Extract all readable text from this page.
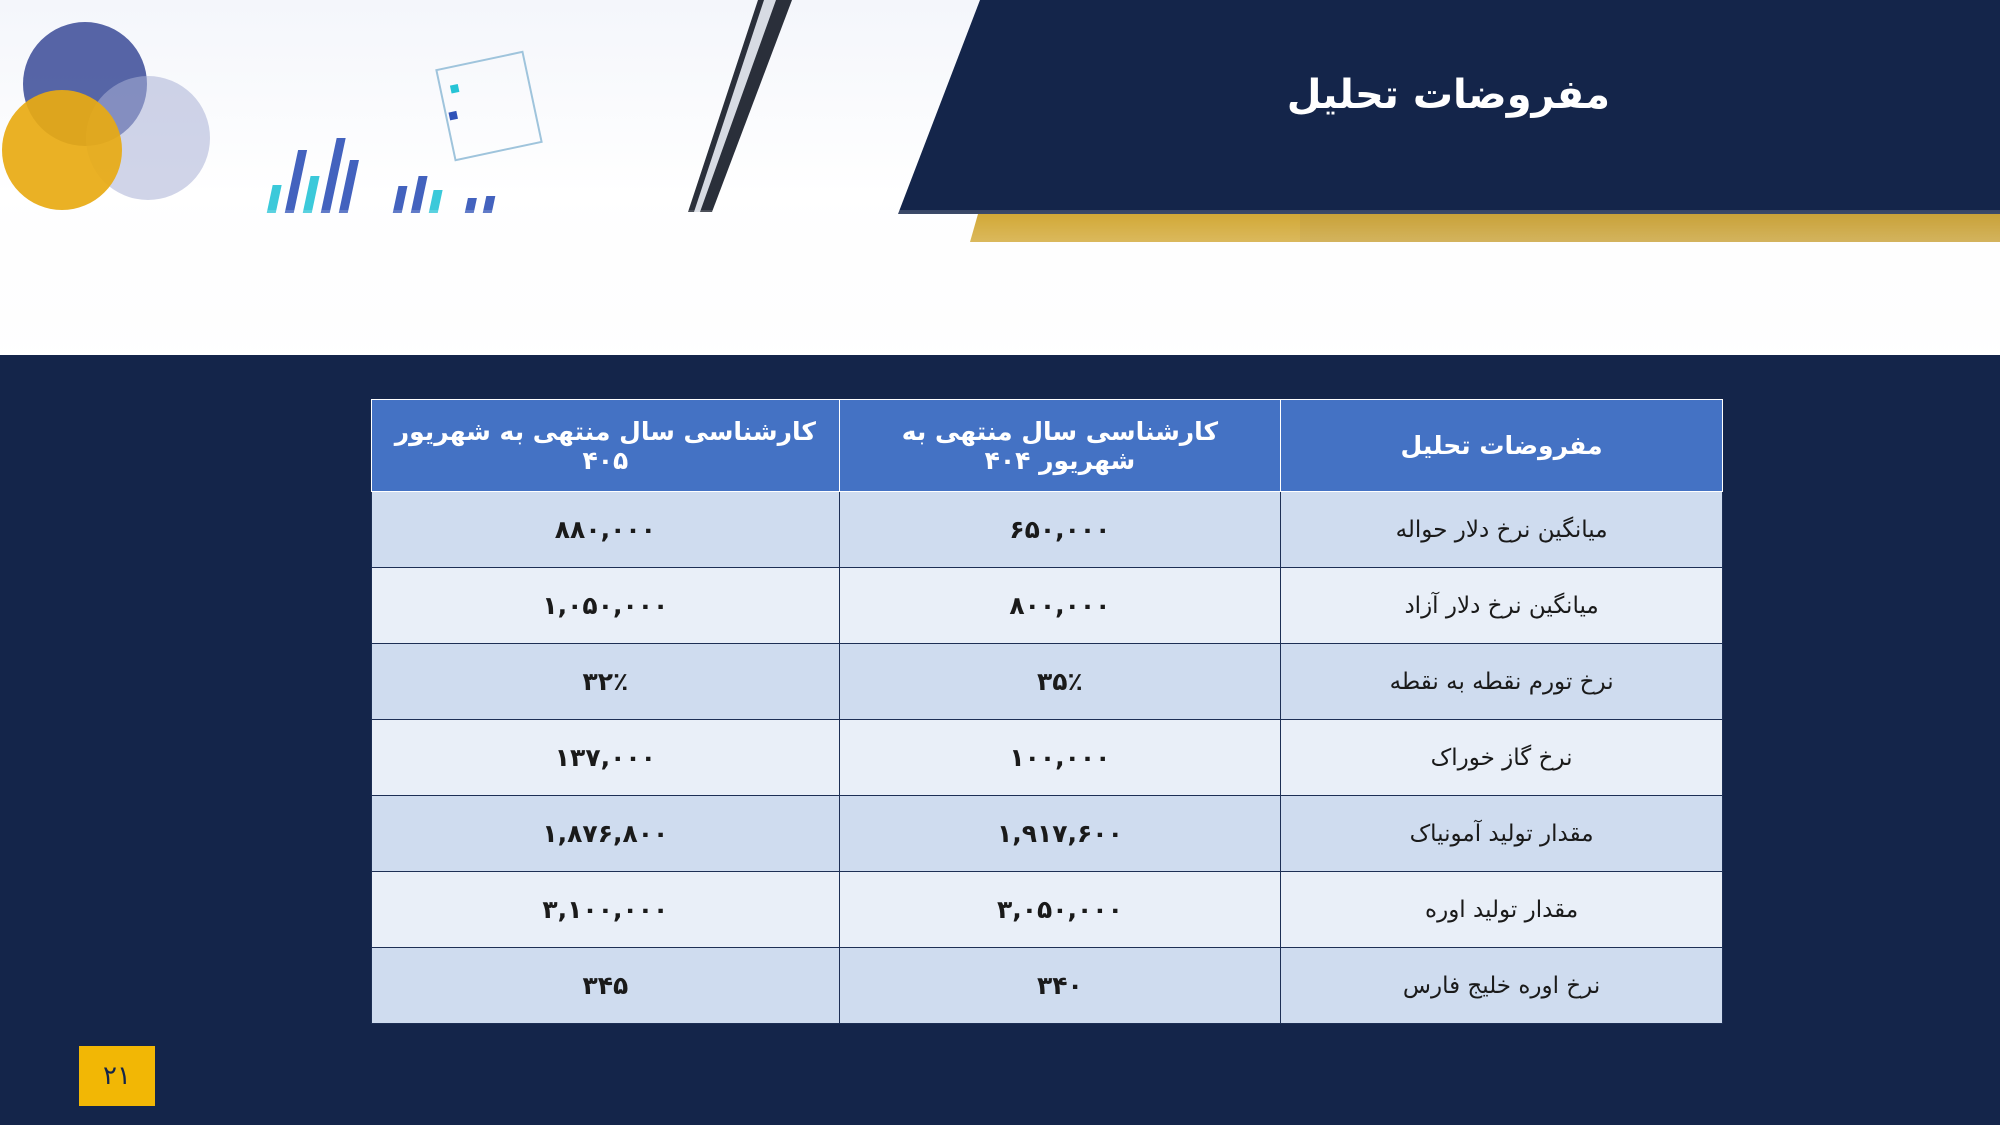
مفروضات تحلیل
مفروضات تحلیل	کارشناسی سال منتهی به شهریور ۴۰۴	کارشناسی سال منتهی به شهریور ۴۰۵
میانگین نرخ دلار حواله	۶۵۰,۰۰۰	۸۸۰,۰۰۰
میانگین نرخ دلار آزاد	۸۰۰,۰۰۰	۱,۰۵۰,۰۰۰
نرخ تورم نقطه به نقطه	۳۵٪	۳۲٪
نرخ گاز خوراک	۱۰۰,۰۰۰	۱۳۷,۰۰۰
مقدار تولید آمونیاک	۱,۹۱۷,۶۰۰	۱,۸۷۶,۸۰۰
مقدار تولید اوره	۳,۰۵۰,۰۰۰	۳,۱۰۰,۰۰۰
نرخ اوره خلیج فارس	۳۴۰	۳۴۵
۲۱
